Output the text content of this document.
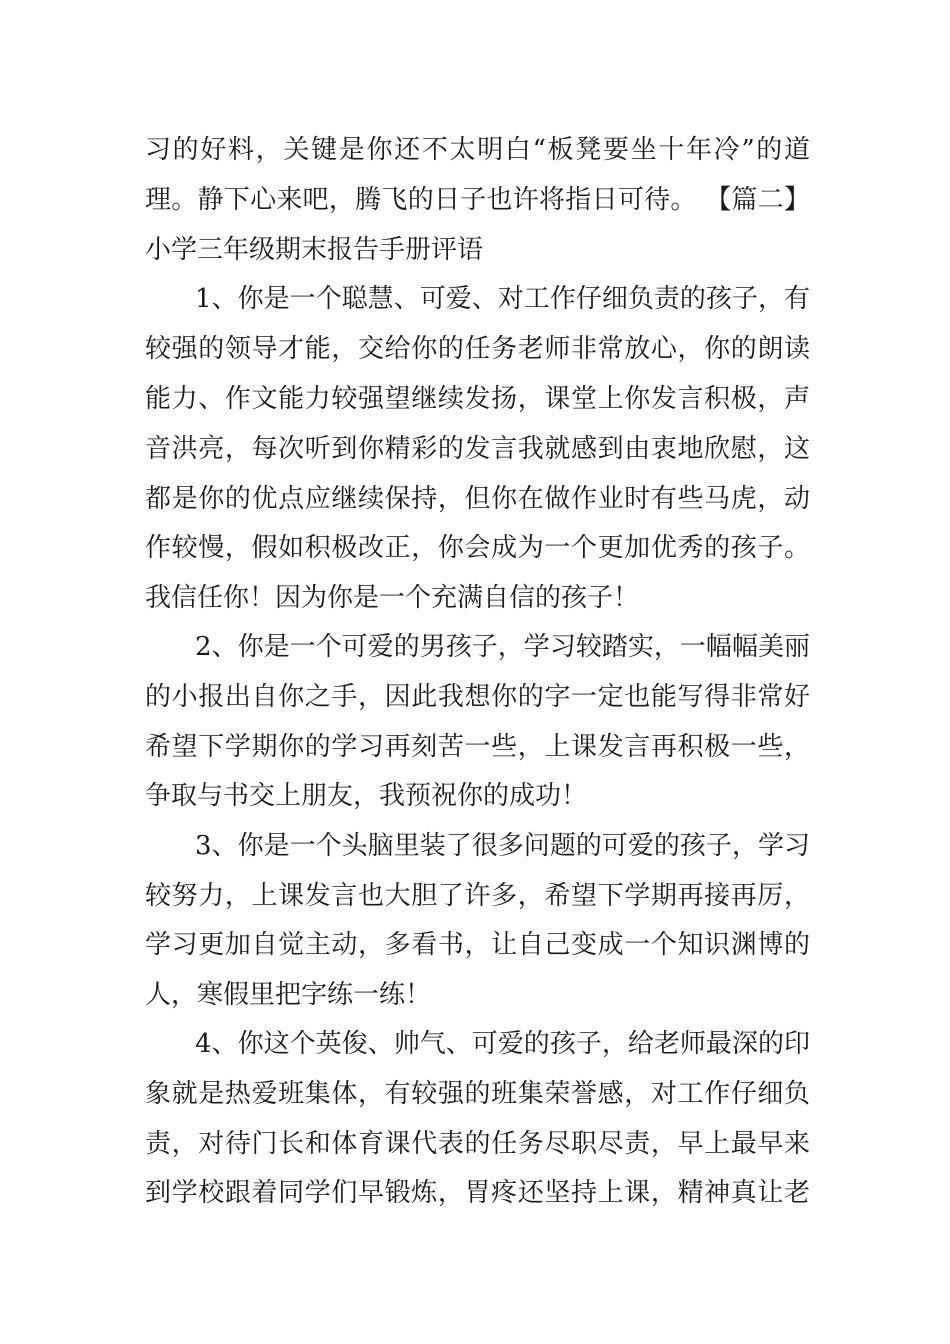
习的好料，关键是你还不太明白“板凳要坐十年冷”的道
理。静下心来吧，腾飞的日子也许将指日可待。 【篇二】
小学三年级期末报告手册评语
1、你是一个聪慧、可爱、对工作仔细负责的孩子，有
较强的领导才能，交给你的任务老师非常放心，你的朗读
能力、作文能力较强望继续发扬，课堂上你发言积极，声
音洪亮，每次听到你精彩的发言我就感到由衷地欣慰，这
都是你的优点应继续保持，但你在做作业时有些马虎，动
作较慢，假如积极改正，你会成为一个更加优秀的孩子。
我信任你！因为你是一个充满自信的孩子！
2、你是一个可爱的男孩子，学习较踏实，一幅幅美丽
的小报出自你之手，因此我想你的字一定也能写得非常好
希望下学期你的学习再刻苦一些，上课发言再积极一些，
争取与书交上朋友，我预祝你的成功！
3、你是一个头脑里装了很多问题的可爱的孩子，学习
较努力，上课发言也大胆了许多，希望下学期再接再厉，
学习更加自觉主动，多看书，让自己变成一个知识渊博的
人，寒假里把字练一练！
4、你这个英俊、帅气、可爱的孩子，给老师最深的印
象就是热爱班集体，有较强的班集荣誉感，对工作仔细负
责，对待门长和体育课代表的任务尽职尽责，早上最早来
到学校跟着同学们早锻炼，胃疼还坚持上课，精神真让老
